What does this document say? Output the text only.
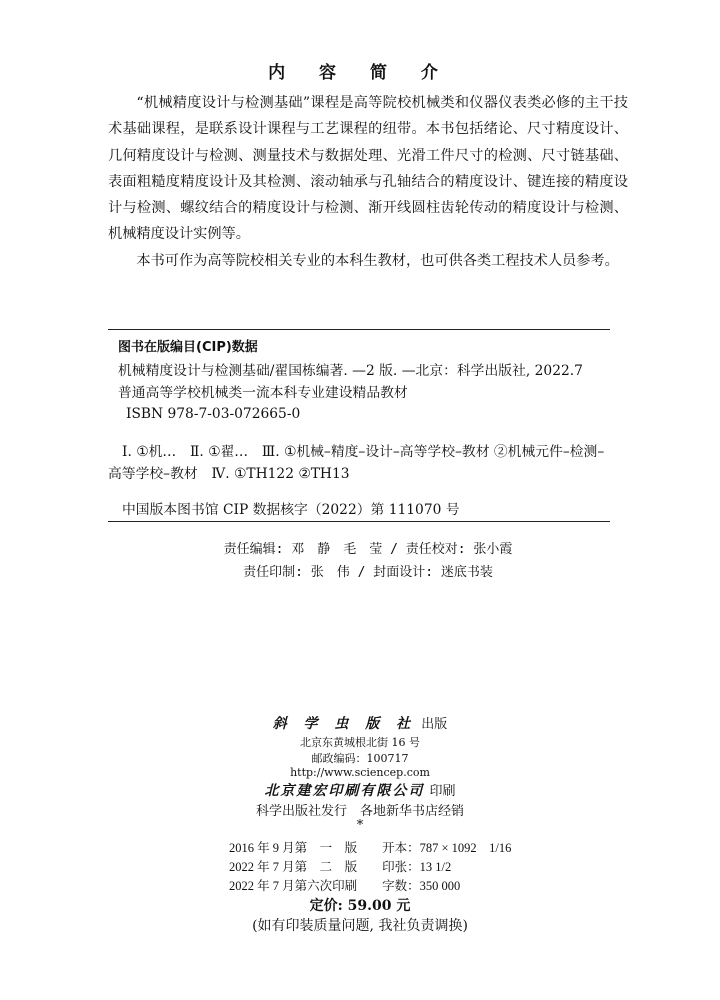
内 容 简 介

“机械精度设计与检测基础”课程是高等院校机械类和仪器仪表类必修的主干技术基础课程，是联系设计课程与工艺课程的纽带。本书包括绪论、尺寸精度设计、几何精度设计与检测、测量技术与数据处理、光滑工件尺寸的检测、尺寸链基础、表面粗糙度精度设计及其检测、滚动轴承与孔轴结合的精度设计、键连接的精度设计与检测、螺纹结合的精度设计与检测、渐开线圆柱齿轮传动的精度设计与检测、机械精度设计实例等。

本书可作为高等院校相关专业的本科生教材，也可供各类工程技术人员参考。

图书在版编目(CIP)数据
机械精度设计与检测基础/翟国栋编著. —2 版. —北京：科学出版社, 2022.7
普通高等学校机械类一流本科专业建设精品教材
ISBN 978-7-03-072665-0
Ⅰ. ①机…　Ⅱ. ①翟…　Ⅲ. ①机械–精度–设计–高等学校–教材 ②机械元件–检测–高等学校–教材　Ⅳ. ①TH122 ②TH13
中国版本图书馆 CIP 数据核字（2022）第 111070 号
责任编辑: 邓　静　毛　莹 / 责任校对: 张小霞
责任印制: 张　伟 / 封面设计: 迷底书装
斜 学 虫 版 社 出版
北京东黄城根北街 16 号
邮政编码：100717
http://www.sciencep.com
北京建宏印刷有限公司 印刷
科学出版社发行　各地新华书店经销
*
2016 年 9 月第　一　版　　开本：787 × 1092　1/16
2022 年 7 月第　二　版　　印张：13 1/2
2022 年 7 月第六次印刷　　字数：350 000
定价: 59.00 元
(如有印装质量问题, 我社负责调换)
